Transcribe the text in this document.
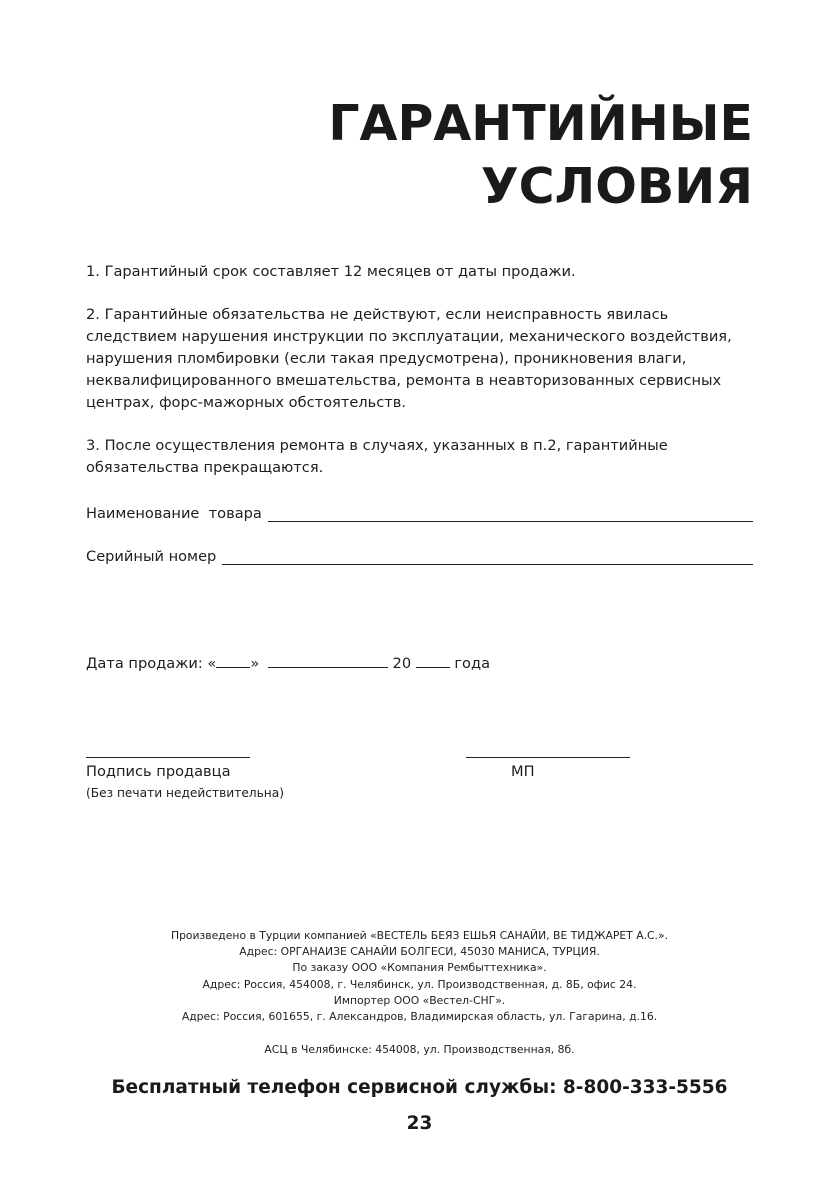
ГАРАНТИЙНЫЕ
УСЛОВИЯ

1. Гарантийный срок составляет 12 месяцев от даты продажи.

2. Гарантийные обязательства не действуют, если неисправность явилась следствием нарушения инструкции по эксплуатации, механического воздействия, нарушения пломбировки (если такая предусмотрена), проникновения влаги, неквалифицированного вмешательства, ремонта в неавторизованных сервисных центрах, форс-мажорных обстоятельств.

3. После осуществления ремонта в случаях, указанных в п.2, гарантийные обязательства прекращаются.

Наименование  товара
Серийный номер
Дата продажи: « »	20	года
Подпись продавца	МП
(Без печати недействительна)
Произведено в Турции компанией «ВЕСТЕЛЬ БЕЯЗ ЕШЬЯ САНАЙИ, ВЕ ТИДЖАРЕТ А.С.».
Адрес: ОРГАНАИЗЕ САНАЙИ БОЛГЕСИ, 45030 МАНИСА, ТУРЦИЯ.
По заказу ООО «Компания Рембыттехника».
Адрес: Россия, 454008, г. Челябинск, ул. Производственная, д. 8Б, офис 24.
Импортер ООО «Вестел-СНГ».
Адрес: Россия, 601655, г. Александров, Владимирская область, ул. Гагарина, д.16.
АСЦ в Челябинске: 454008, ул. Производственная, 8б.
Бесплатный телефон сервисной службы: 8-800-333-5556
23
